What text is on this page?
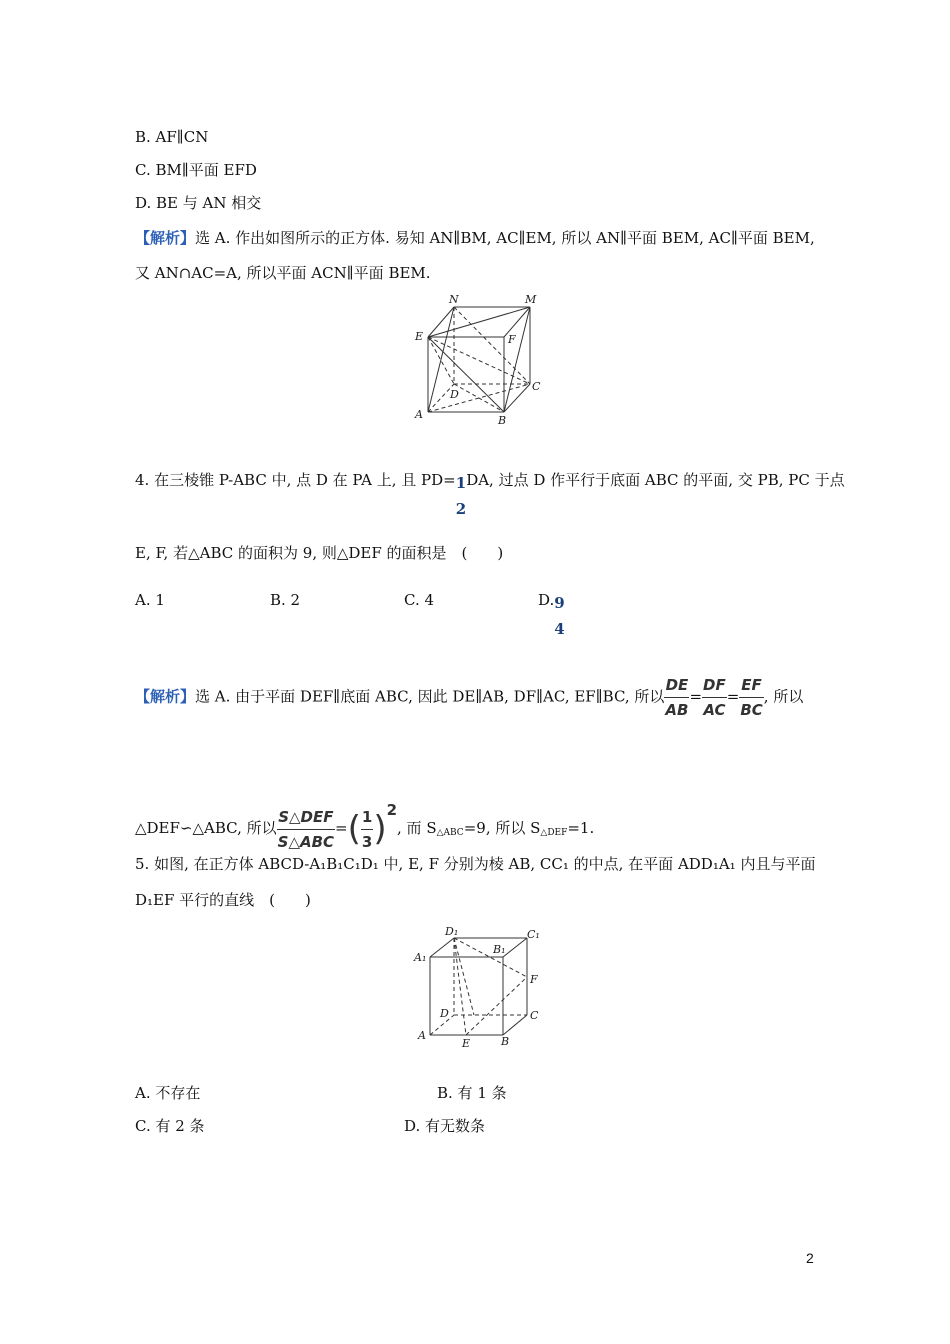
B. AF∥CN
C. BM∥平面 EFD
D. BE 与 AN 相交
【解析】选 A. 作出如图所示的正方体. 易知 AN∥BM, AC∥EM, 所以 AN∥平面 BEM, AC∥平面 BEM,
又 AN∩AC=A, 所以平面 ACN∥平面 BEM.
N	M
E	F
D
C
A	B
4. 在三棱锥 P-ABC 中, 点 D 在 PA 上, 且 PD= 1
2
DA, 过点 D 作平行于底面 ABC 的平面, 交 PB, PC 于点
E, F, 若△ABC 的面积为 9, 则△DEF 的面积是　(　　)
A. 1	B. 2	C. 4	D. 9
4
【解析】选 A. 由于平面 DEF∥底面 ABC, 因此 DE∥AB, DF∥AC, EF∥BC, 所以 $\frac{DE}{AB} = \frac{DF}{AC} = \frac{EF}{BC}$ , 所以
△DEF∽△ABC, 所以 $\frac{\text{S△DEF}}{\text{S△ABC}}$ =( $\frac{1}{3} )2$, 而 $S_{\triangle ABC}=9$, 所以 $S_{\triangle DEF}=1$.
5. 如图, 在正方体 ABCD-A₁B₁C₁D₁ 中, E, F 分别为棱 AB, CC₁ 的中点, 在平面 ADD₁A₁ 内且与平面
D₁EF 平行的直线　(　　)
D₁	C₁
A₁
B₁
F
D	C
A
E	B
A. 不存在	B. 有 1 条
C. 有 2 条	D. 有无数条
2
